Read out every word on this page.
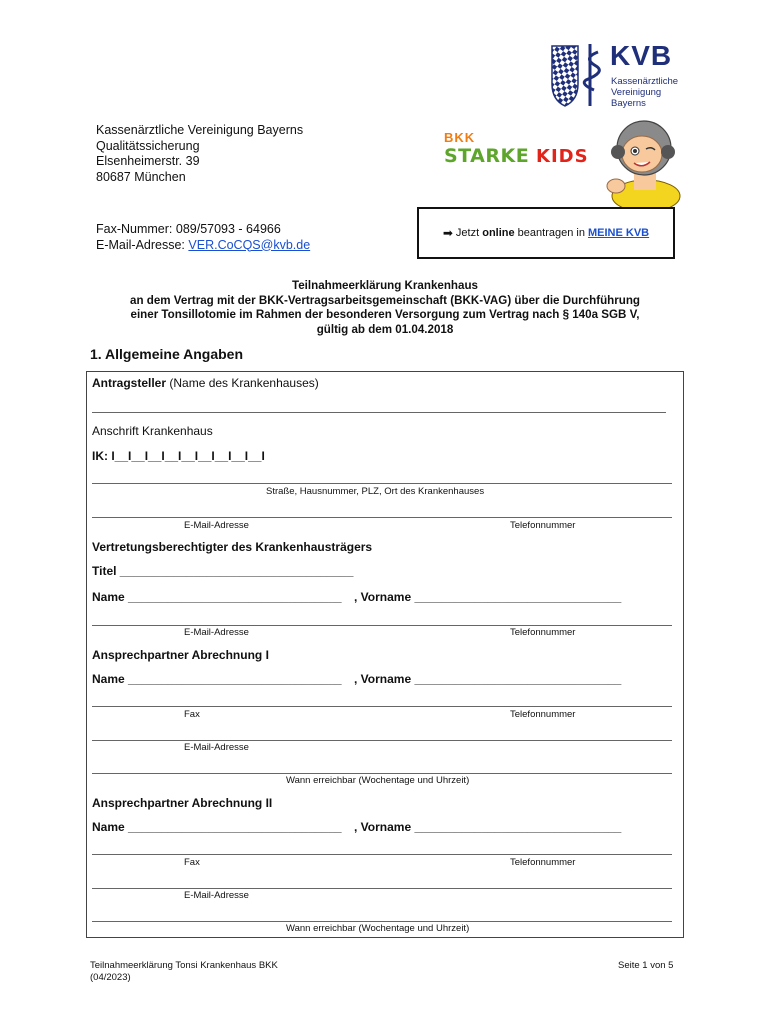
KVB
Kassenärztliche
Vereinigung
Bayerns
BKK
STARKE KIDS
Kassenärztliche Vereinigung Bayerns
Qualitätssicherung
Elsenheimerstr. 39
80687 München
Fax-Nummer: 089/57093 - 64966
E-Mail-Adresse: VER.CoCQS@kvb.de
➡ Jetzt online beantragen in MEINE KVB
Teilnahmeerklärung Krankenhaus
an dem Vertrag mit der BKK-Vertragsarbeitsgemeinschaft (BKK-VAG) über die Durchführung
einer Tonsillotomie im Rahmen der besonderen Versorgung zum Vertrag nach § 140a SGB V,
gültig ab dem 01.04.2018
1. Allgemeine Angaben
Antragsteller (Name des Krankenhauses)
Anschrift Krankenhaus
IK: I__I__I__I__I__I__I__I__I__I
Straße, Hausnummer, PLZ, Ort des Krankenhauses
E-Mail-Adresse	Telefonnummer
Vertretungsberechtigter des Krankenhausträgers
Titel ___________________________________
Name ________________________________ , Vorname _______________________________
E-Mail-Adresse	Telefonnummer
Ansprechpartner Abrechnung I
Name ________________________________ , Vorname _______________________________
Fax	Telefonnummer
E-Mail-Adresse
Wann erreichbar (Wochentage und Uhrzeit)
Ansprechpartner Abrechnung II
Name ________________________________ , Vorname _______________________________
Fax	Telefonnummer
E-Mail-Adresse
Wann erreichbar (Wochentage und Uhrzeit)
Teilnahmeerklärung Tonsi Krankenhaus BKK
(04/2023)
Seite 1 von 5
